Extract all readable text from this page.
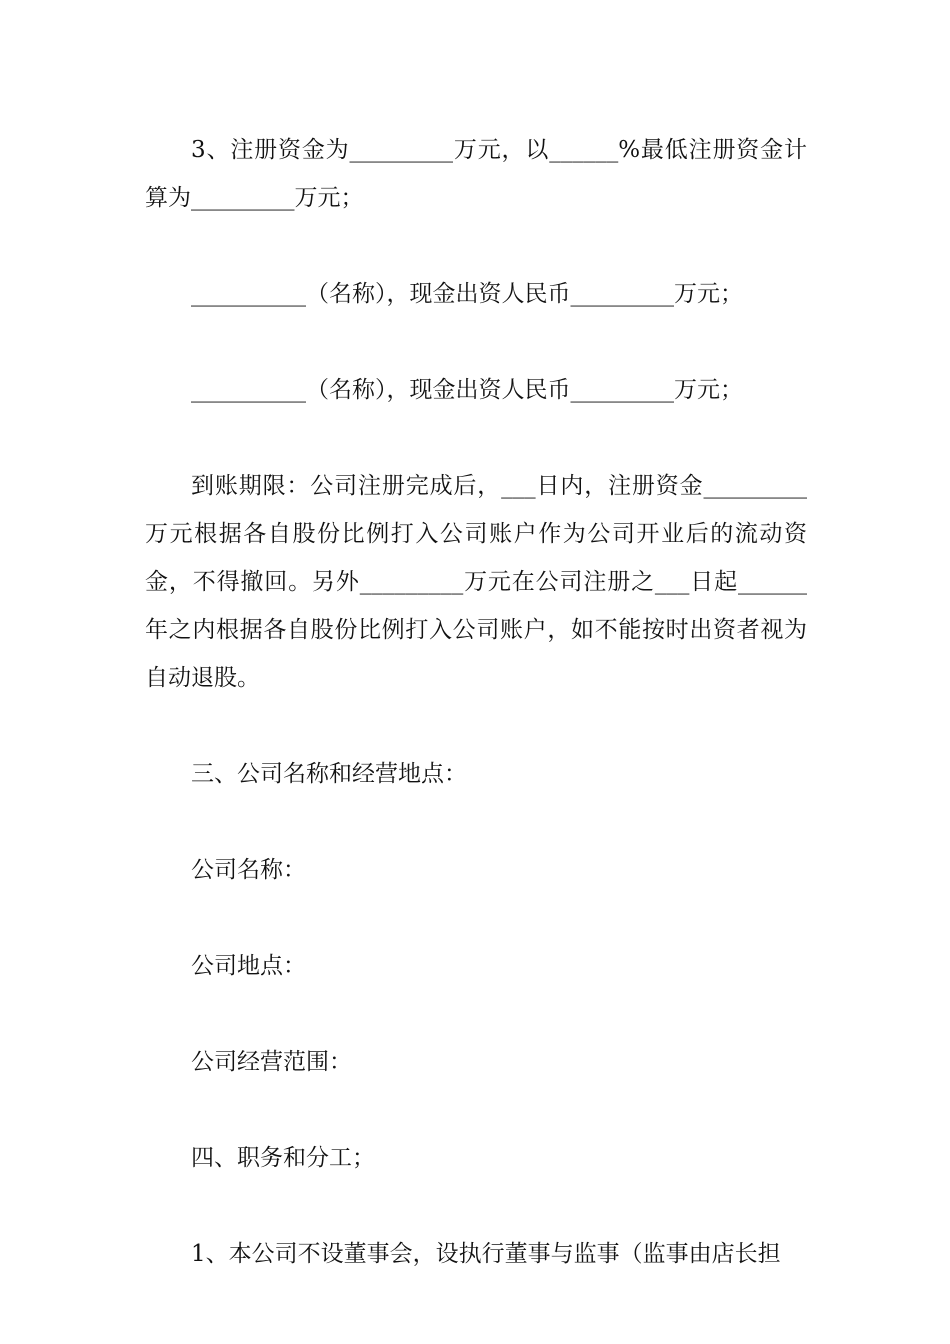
3、注册资金为_________万元，以______%最低注册资金计算为_________万元；

__________（名称），现金出资人民币_________万元；

__________（名称），现金出资人民币_________万元；

到账期限：公司注册完成后，___日内，注册资金_________万元根据各自股份比例打入公司账户作为公司开业后的流动资金，不得撤回。另外_________万元在公司注册之___日起______年之内根据各自股份比例打入公司账户，如不能按时出资者视为自动退股。

三、公司名称和经营地点：

公司名称：

公司地点：

公司经营范围：

四、职务和分工；

1、本公司不设董事会，设执行董事与监事（监事由店长担
